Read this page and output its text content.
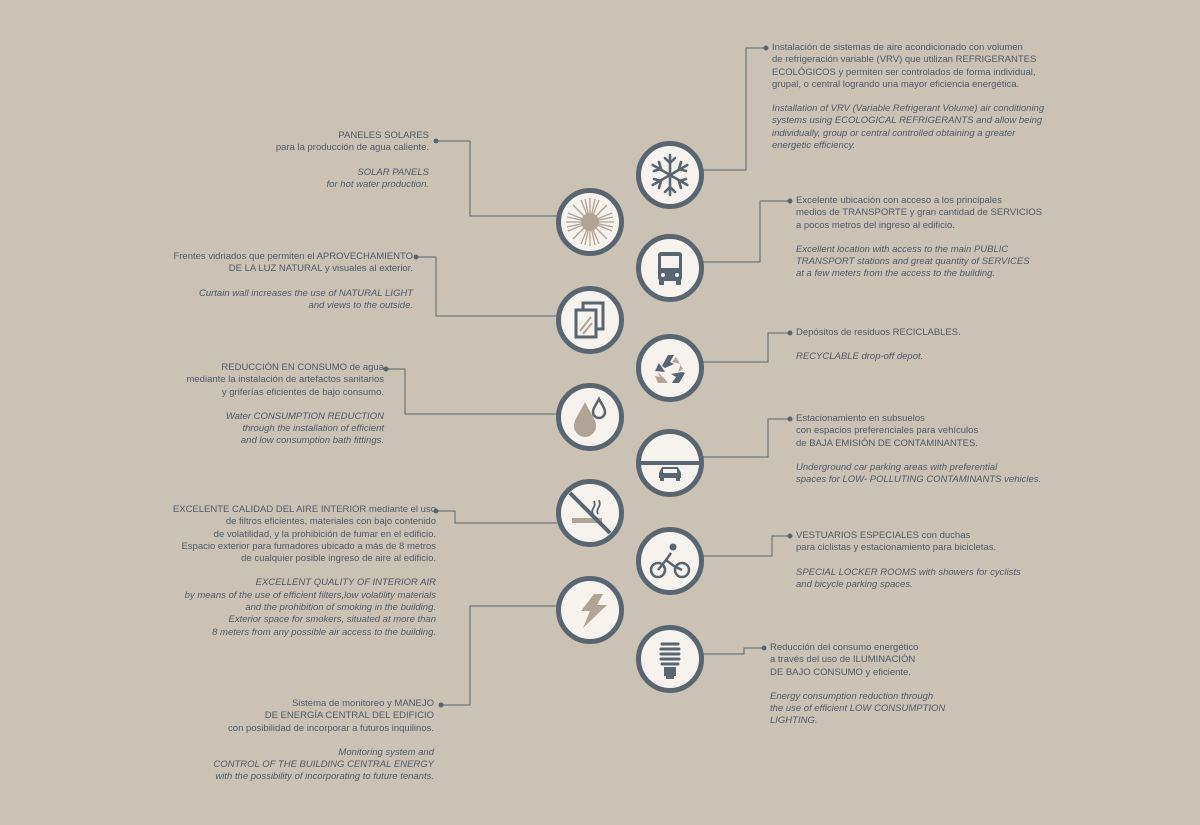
PANELES SOLARES
para la producción de agua caliente.
SOLAR PANELS
for hot water production.
Frentes vidriados que permiten el APROVECHAMIENTO
DE LA LUZ NATURAL y visuales al exterior.
Curtain wall increases the use of NATURAL LIGHT
and views to the outside.
REDUCCIÓN EN CONSUMO de agua
mediante la instalación de artefactos sanitarios
y griferías eficientes de bajo consumo.
Water CONSUMPTION REDUCTION
through the installation of efficient
and low consumption bath fittings.
EXCELENTE CALIDAD DEL AIRE INTERIOR mediante el uso
de filtros eficientes, materiales con bajo contenido
de volatilidad, y la prohibición de fumar en el edificio.
Espacio exterior para fumadores ubicado a más de 8 metros
de cualquier posible ingreso de aire al edificio.
EXCELLENT QUALITY OF INTERIOR AIR
by means of the use of efficient filters,low volatility materials
and the prohibition of smoking in the building.
Exterior space for smokers, situated at more than
8 meters from any possible air access to the building.
Sistema de monitoreo y MANEJO
DE ENERGÍA CENTRAL DEL EDIFICIO
con posibilidad de incorporar a futuros inquilinos.
Monitoring system and
CONTROL OF THE BUILDING CENTRAL ENERGY
with the possibility of incorporating to future tenants.
Instalación de sistemas de aire acondicionado con volumen
de refrigeración variable (VRV) que utilizan REFRIGERANTES
ECOLÓGICOS y permiten ser controlados de forma individual,
grupal, o central logrando una mayor eficiencia energética.
Installation of VRV (Variable Refrigerant Volume) air conditioning
systems using ECOLOGICAL REFRIGERANTS and allow being
individually, group or central controlled obtaining a greater
energetic efficiency.
Excelente ubicación con acceso a los principales
medios de TRANSPORTE y gran cantidad de SERVICIOS
a pocos metros del ingreso al edificio.
Excellent location with access to the main PUBLIC
TRANSPORT stations and great quantity of SERVICES
at a few meters from the access to the building.
Depósitos de residuos RECICLABLES.
RECYCLABLE drop-off depot.
Estacionamiento en subsuelos
con espacios preferenciales para vehículos
de BAJA EMISIÓN DE CONTAMINANTES.
Underground car parking areas with preferential
spaces for LOW- POLLUTING CONTAMINANTS vehicles.
VESTUARIOS ESPECIALES con duchas
para ciclistas y estacionamiento para bicicletas.
SPECIAL LOCKER ROOMS with showers for cyclists
and bicycle parking spaces.
Reducción del consumo energético
a través del uso de ILUMINACIÓN
DE BAJO CONSUMO y eficiente.
Energy consumption reduction through
the use of efficient LOW CONSUMPTION
LIGHTING.
